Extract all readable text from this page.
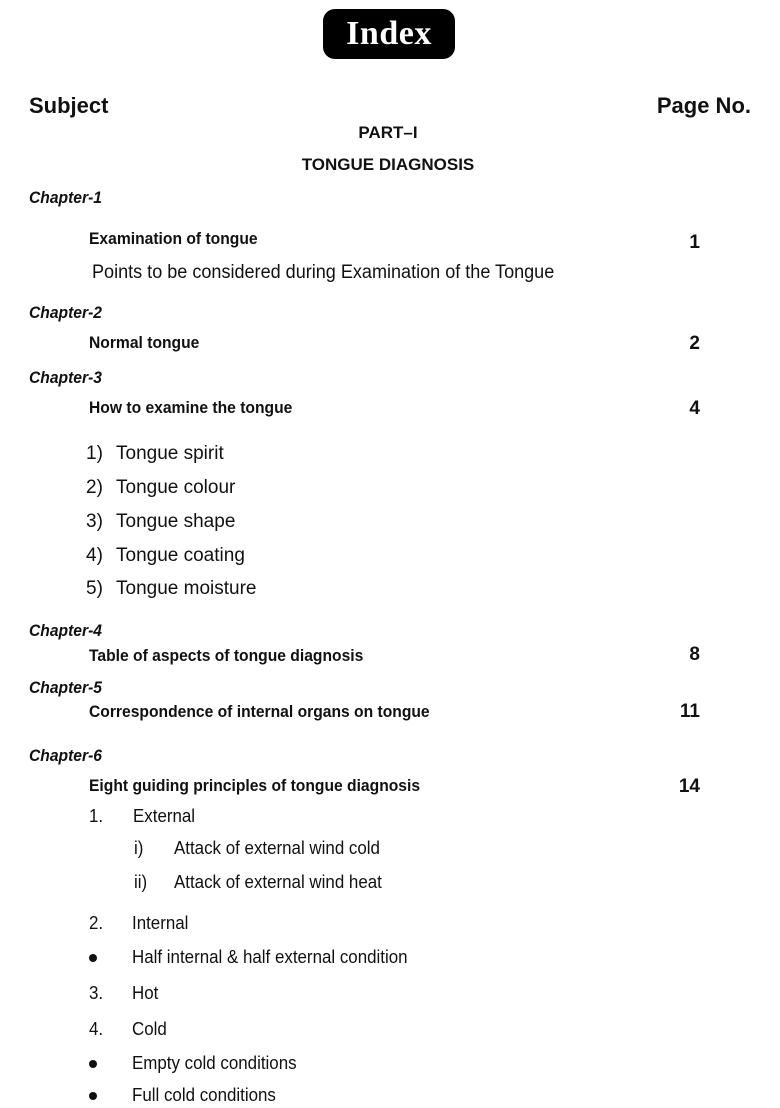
Index
Subject	Page No.
PART–I
TONGUE DIAGNOSIS
Chapter-1
Examination of tongue	1
Points to be considered during Examination of the Tongue
Chapter-2
Normal tongue	2
Chapter-3
How to examine the tongue	4
1) Tongue spirit
2) Tongue colour
3) Tongue shape
4) Tongue coating
5) Tongue moisture
Chapter-4
Table of aspects of tongue diagnosis	8
Chapter-5
Correspondence of internal organs on tongue	11
Chapter-6
Eight guiding principles of tongue diagnosis	14
1. External
i) Attack of external wind cold
ii) Attack of external wind heat
2. Internal
Half internal & half external condition
3. Hot
4. Cold
Empty cold conditions
Full cold conditions
